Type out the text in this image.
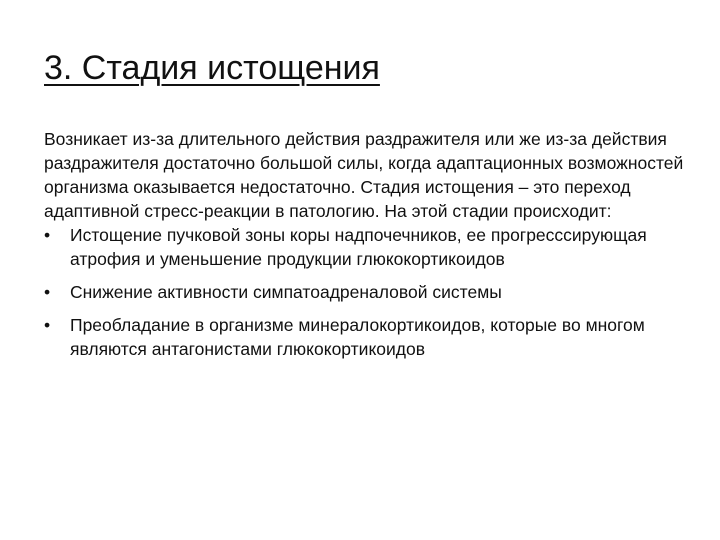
3. Стадия истощения

Возникает из-за длительного действия раздражителя или же из-за действия раздражителя достаточно большой силы, когда адаптационных возможностей организма оказывается недостаточно. Стадия истощения – это переход адаптивной стресс-реакции в патологию. На этой стадии происходит:

•	Истощение пучковой зоны коры надпочечников, ее прогресссирующая атрофия и уменьшение продукции глюкокортикоидов
•	Снижение активности симпатоадреналовой системы
•	Преобладание в организме минералокортикоидов, которые во многом являются антагонистами глюкокортикоидов
